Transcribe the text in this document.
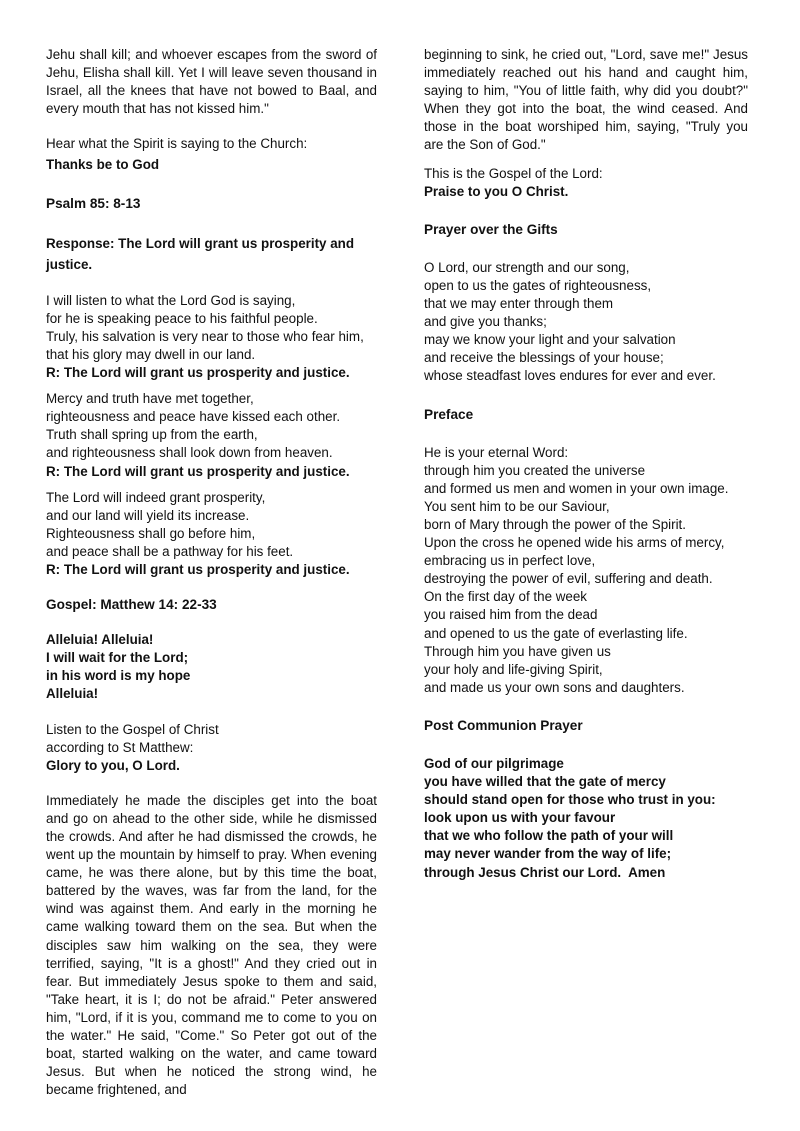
Jehu shall kill; and whoever escapes from the sword of Jehu, Elisha shall kill. Yet I will leave seven thousand in Israel, all the knees that have not bowed to Baal, and every mouth that has not kissed him."

Hear what the Spirit is saying to the Church:

Thanks be to God

Psalm 85: 8-13
Response: The Lord will grant us prosperity and
justice.
I will listen to what the Lord God is saying,
for he is speaking peace to his faithful people.
Truly, his salvation is very near to those who fear him,
that his glory may dwell in our land.
R: The Lord will grant us prosperity and justice.
Mercy and truth have met together,
righteousness and peace have kissed each other.
Truth shall spring up from the earth,
and righteousness shall look down from heaven.
R: The Lord will grant us prosperity and justice.
The Lord will indeed grant prosperity,
and our land will yield its increase.
Righteousness shall go before him,
and peace shall be a pathway for his feet.
R: The Lord will grant us prosperity and justice.
Gospel: Matthew 14: 22-33
Alleluia! Alleluia!
I will wait for the Lord;
in his word is my hope
Alleluia!
Listen to the Gospel of Christ
according to St Matthew:
Glory to you, O Lord.

Immediately he made the disciples get into the boat and go on ahead to the other side, while he dismissed the crowds. And after he had dismissed the crowds, he went up the mountain by himself to pray. When evening came, he was there alone, but by this time the boat, battered by the waves, was far from the land, for the wind was against them. And early in the morning he came walking toward them on the sea. But when the disciples saw him walking on the sea, they were terrified, saying, "It is a ghost!" And they cried out in fear. But immediately Jesus spoke to them and said, "Take heart, it is I; do not be afraid." Peter answered him, "Lord, if it is you, command me to come to you on the water." He said, "Come." So Peter got out of the boat, started walking on the water, and came toward Jesus. But when he noticed the strong wind, he became frightened, and

beginning to sink, he cried out, "Lord, save me!" Jesus immediately reached out his hand and caught him, saying to him, "You of little faith, why did you doubt?" When they got into the boat, the wind ceased. And those in the boat worshiped him, saying, "Truly you are the Son of God."

This is the Gospel of the Lord:
Praise to you O Christ.
Prayer over the Gifts
O Lord, our strength and our song,
open to us the gates of righteousness,
that we may enter through them
and give you thanks;
may we know your light and your salvation
and receive the blessings of your house;
whose steadfast loves endures for ever and ever.
Preface
He is your eternal Word:
through him you created the universe
and formed us men and women in your own image.
You sent him to be our Saviour,
born of Mary through the power of the Spirit.
Upon the cross he opened wide his arms of mercy,
embracing us in perfect love,
destroying the power of evil, suffering and death.
On the first day of the week
you raised him from the dead
and opened to us the gate of everlasting life.
Through him you have given us
your holy and life-giving Spirit,
and made us your own sons and daughters.
Post Communion Prayer
God of our pilgrimage
you have willed that the gate of mercy
should stand open for those who trust in you:
look upon us with your favour
that we who follow the path of your will
may never wander from the way of life;
through Jesus Christ our Lord.  Amen
